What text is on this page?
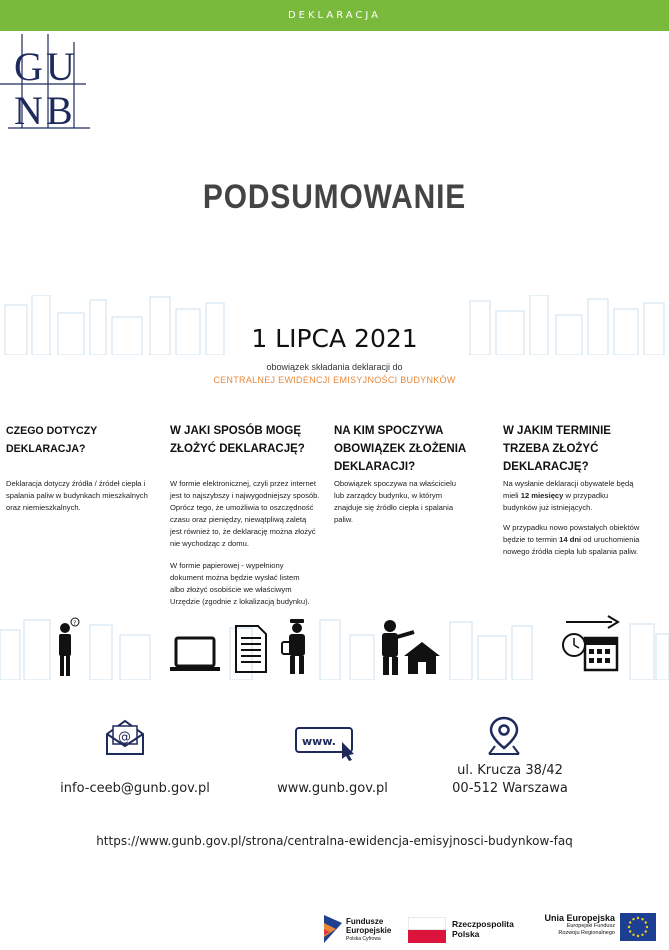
DEKLARACJA
G U
N B
PODSUMOWANIE
1 LIPCA 2021
obowiązek składania deklaracji do
CENTRALNEJ EWIDENCJI EMISYJNOŚCI BUDYNKÓW
CZEGO DOTYCZY DEKLARACJA?

Deklaracja dotyczy źródła / źródeł ciepła i spalania paliw w budynkach mieszkalnych oraz niemieszkalnych.

W JAKI SPOSÓB MOGĘ ZŁOŻYĆ DEKLARACJĘ?

W formie elektronicznej, czyli przez internet jest to najszybszy i najwygodniejszy sposób. Oprócz tego, że umożliwia to oszczędność czasu oraz pieniędzy, niewątpliwą zaletą jest również to, że deklarację można złożyć nie wychodząc z domu.

W formie papierowej - wypełniony dokument można będzie wysłać listem albo złożyć osobiście we właściwym Urzędzie (zgodnie z lokalizacją budynku).

NA KIM SPOCZYWA OBOWIĄZEK ZŁOŻENIA DEKLARACJI?

Obowiązek spoczywa na właścicielu lub zarządcy budynku, w którym znajduje się źródło ciepła i spalania paliw.

W JAKIM TERMINIE TRZEBA ZŁOŻYĆ DEKLARACJĘ?

Na wysłanie deklaracji obywatele będą mieli 12 miesięcy w przypadku budynków już istniejących.

W przypadku nowo powstałych obiektów będzie to termin 14 dni od uruchomienia nowego źródła ciepła lub spalania paliw.

?
@	www.
info-ceeb@gunb.gov.pl	www.gunb.gov.pl
ul. Krucza 38/42
00-512 Warszawa
https://www.gunb.gov.pl/strona/centralna-ewidencja-emisyjnosci-budynkow-faq
Fundusze
Europejskie
Polska Cyfrowa
Rzeczpospolita
Polska
Unia Europejska
Europejski Fundusz
Rozwoju Regionalnego
